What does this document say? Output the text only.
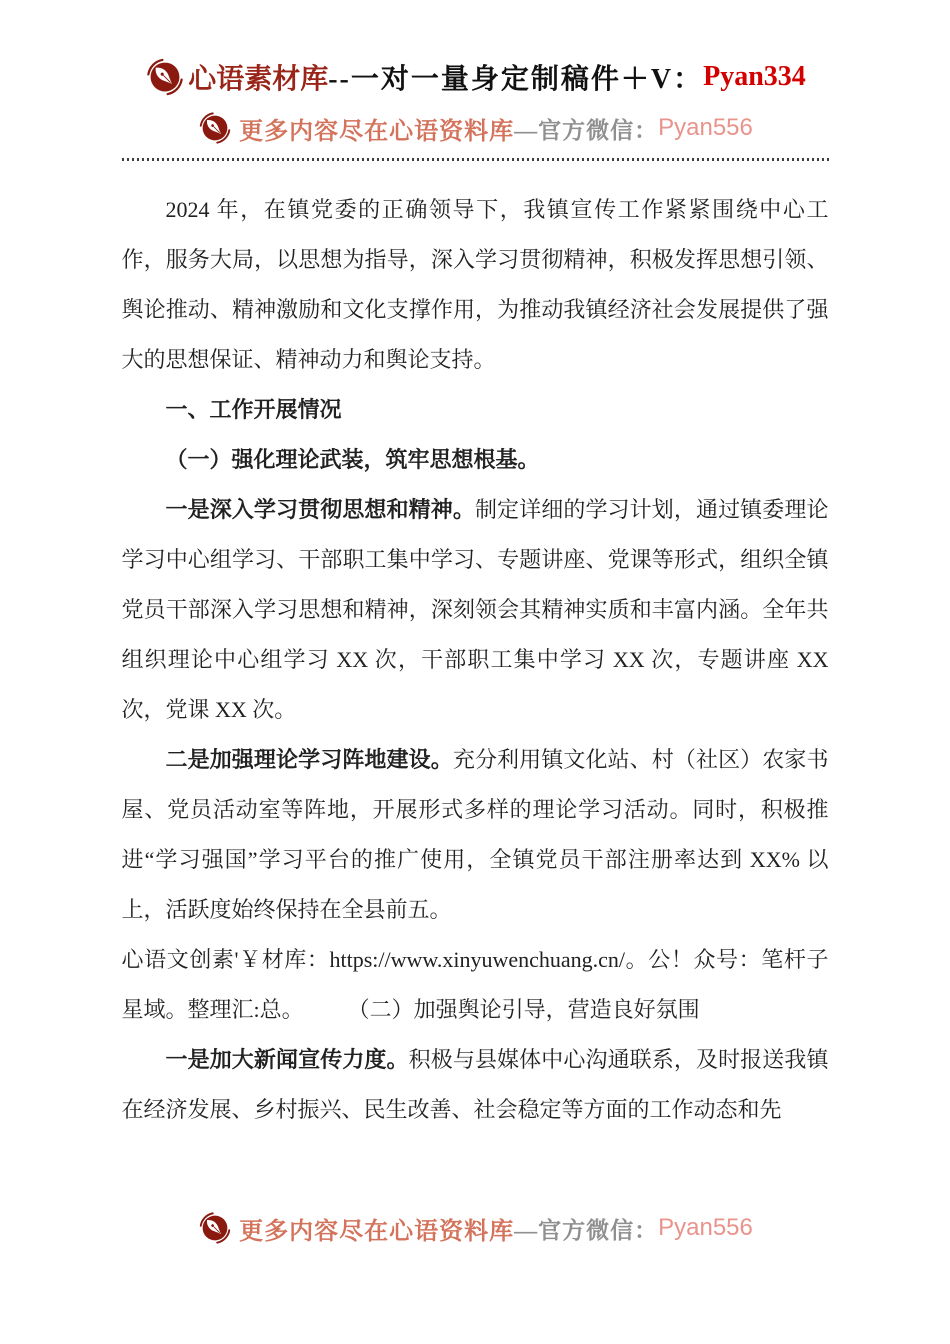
心语素材库 --一对一量身定制稿件＋V： Pyan334
更多内容尽在心语资料库 —官方微信： Pyan556

2024 年，在镇党委的正确领导下，我镇宣传工作紧紧围绕中心工作，服务大局，以思想为指导，深入学习贯彻精神，积极发挥思想引领、舆论推动、精神激励和文化支撑作用，为推动我镇经济社会发展提供了强大的思想保证、精神动力和舆论支持。

一、工作开展情况

（一）强化理论武装，筑牢思想根基。

一是深入学习贯彻思想和精神。制定详细的学习计划，通过镇委理论学习中心组学习、干部职工集中学习、专题讲座、党课等形式，组织全镇党员干部深入学习思想和精神，深刻领会其精神实质和丰富内涵。全年共组织理论中心组学习 XX 次，干部职工集中学习 XX 次，专题讲座 XX 次，党课 XX 次。

二是加强理论学习阵地建设。充分利用镇文化站、村（社区）农家书屋、党员活动室等阵地，开展形式多样的理论学习活动。同时，积极推进“学习强国”学习平台的推广使用，全镇党员干部注册率达到 XX% 以上，活跃度始终保持在全县前五。

心语文创素'￥材库：https://www.xinyuwenchuang.cn/。公！众号：笔杆子星域。整理汇:总。 （二）加强舆论引导，营造良好氛围

一是加大新闻宣传力度。积极与县媒体中心沟通联系，及时报送我镇在经济发展、乡村振兴、民生改善、社会稳定等方面的工作动态和先

更多内容尽在心语资料库 —官方微信： Pyan556
